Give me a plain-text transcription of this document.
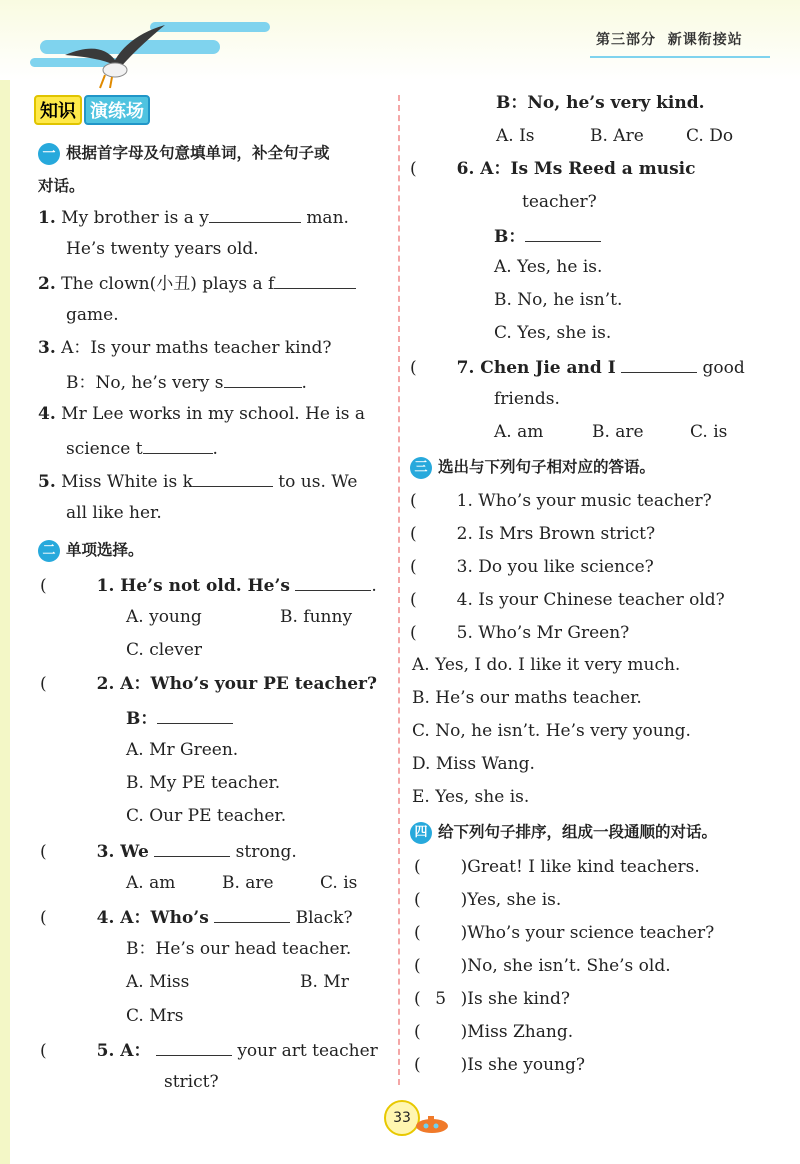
第三部分 新课衔接站
知识 演练场
一 根据首字母及句意填单词，补全句子或
对话。
1. My brother is a y	man.
He’s twenty years old.
2. The clown(小丑) plays a f
game.
3. A：Is your maths teacher kind?
B：No, he’s very s	.
4. Mr Lee works in my school. He is a
science t	.
5. Miss White is k	to us. We
all like her.
二 单项选择。
(	1. He’s not old. He’s	.
A. young	B. funny
C. clever
(	2. A：Who’s your PE teacher?
B：
A. Mr Green.
B. My PE teacher.
C. Our PE teacher.
(	3. We	strong.
A. am	B. are	C. is
(	4. A：Who’s	Black?
B：He’s our head teacher.
A. Miss	B. Mr
C. Mrs
(	5. A：	your art teacher
strict?
B：No, he’s very kind.
A. Is	B. Are C. Do
( 6. A：Is Ms Reed a music
teacher?
B：
A. Yes, he is.
B. No, he isn’t.
C. Yes, she is.
( 7. Chen Jie and I	good
friends.
A. am	B. are	C. is
三 选出与下列句子相对应的答语。
( 1. Who’s your music teacher?
( 2. Is Mrs Brown strict?
( 3. Do you like science?
( 4. Is your Chinese teacher old?
( 5. Who’s Mr Green?
A. Yes, I do. I like it very much.
B. He’s our maths teacher.
C. No, he isn’t. He’s very young.
D. Miss Wang.
E. Yes, she is.
四 给下列句子排序，组成一段通顺的对话。
( )Great! I like kind teachers.
( )Yes, she is.
( )Who’s your science teacher?
( )No, she isn’t. She’s old.
( 5 )Is she kind?
( )Miss Zhang.
( )Is she young?
33
